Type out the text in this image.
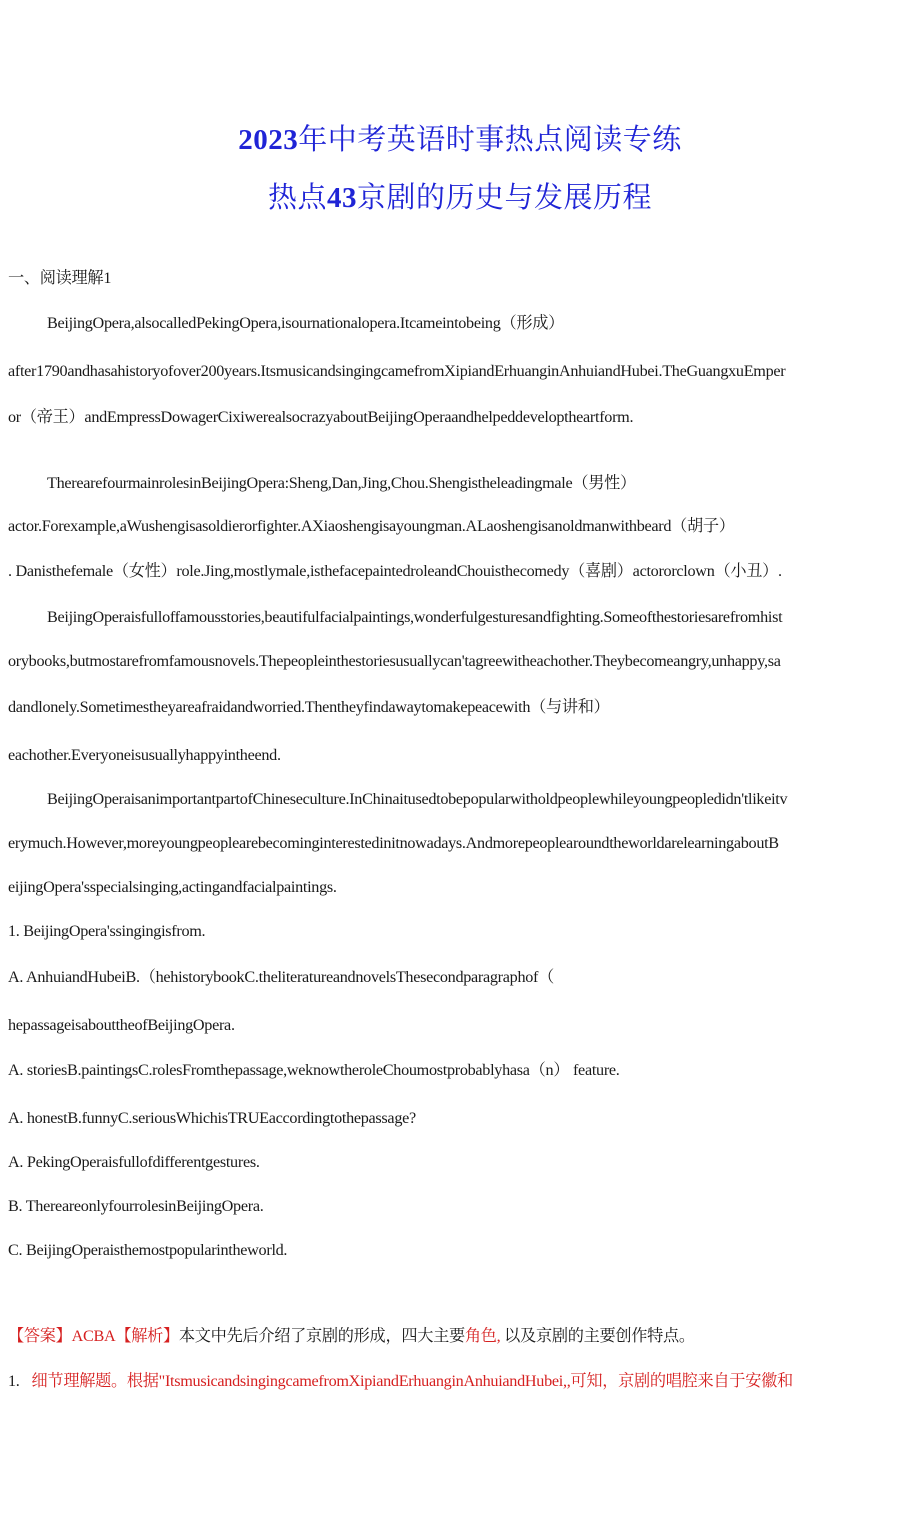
2023年中考英语时事热点阅读专练
热点43京剧的历史与发展历程
一、阅读理解1
BeijingOpera,alsocalledPekingOpera,isournationalopera.Itcameintobeing（形成）
after1790andhasahistoryofover200years.ItsmusicandsingingcamefromXipiandErhuanginAnhuiandHubei.TheGuangxuEmper
or（帝王）andEmpressDowagerCixiwerealsocrazyaboutBeijingOperaandhelpeddeveloptheartform.
TherearefourmainrolesinBeijingOpera:Sheng,Dan,Jing,Chou.Shengistheleadingmale（男性）
actor.Forexample,aWushengisasoldierorfighter.AXiaoshengisayoungman.ALaoshengisanoldmanwithbeard（胡子）
. Danisthefemale（女性）role.Jing,mostlymale,isthefacepaintedroleandChouisthecomedy（喜剧）actororclown（小丑）.
BeijingOperaisfulloffamousstories,beautifulfacialpaintings,wonderfulgesturesandfighting.Someofthestoriesarefromhist
orybooks,butmostarefromfamousnovels.Thepeopleinthestoriesusuallycan'tagreewitheachother.Theybecomeangry,unhappy,sa
dandlonely.Sometimestheyareafraidandworried.Thentheyfindawaytomakepeacewith（与讲和）
eachother.Everyoneisusuallyhappyintheend.
BeijingOperaisanimportantpartofChineseculture.InChinaitusedtobepopularwitholdpeoplewhileyoungpeopledidn'tlikeitv
erymuch.However,moreyoungpeoplearebecominginterestedinitnowadays.AndmorepeoplearoundtheworldarelearningaboutB
eijingOpera'sspecialsinging,actingandfacialpaintings.
1. BeijingOpera'ssingingisfrom.
A. AnhuiandHubeiB.（hehistorybookC.theliteratureandnovelsThesecondparagraphof（
hepassageisabouttheofBeijingOpera.
A. storiesB.paintingsC.rolesFromthepassage,weknowtheroleChoumostprobablyhasa（n） feature.
A. honestB.funnyC.seriousWhichisTRUEaccordingtothepassage?
A. PekingOperaisfullofdifferentgestures.
B. ThereareonlyfourrolesinBeijingOpera.
C. BeijingOperaisthemostpopularintheworld.
【答案】ACBA【解析】本文中先后介绍了京剧的形成，四大主要角色, 以及京剧的主要创作特点。
1. 细节理解题。根据"ItsmusicandsingingcamefromXipiandErhuanginAnhuiandHubei,,可知，京剧的唱腔来自于安徽和
